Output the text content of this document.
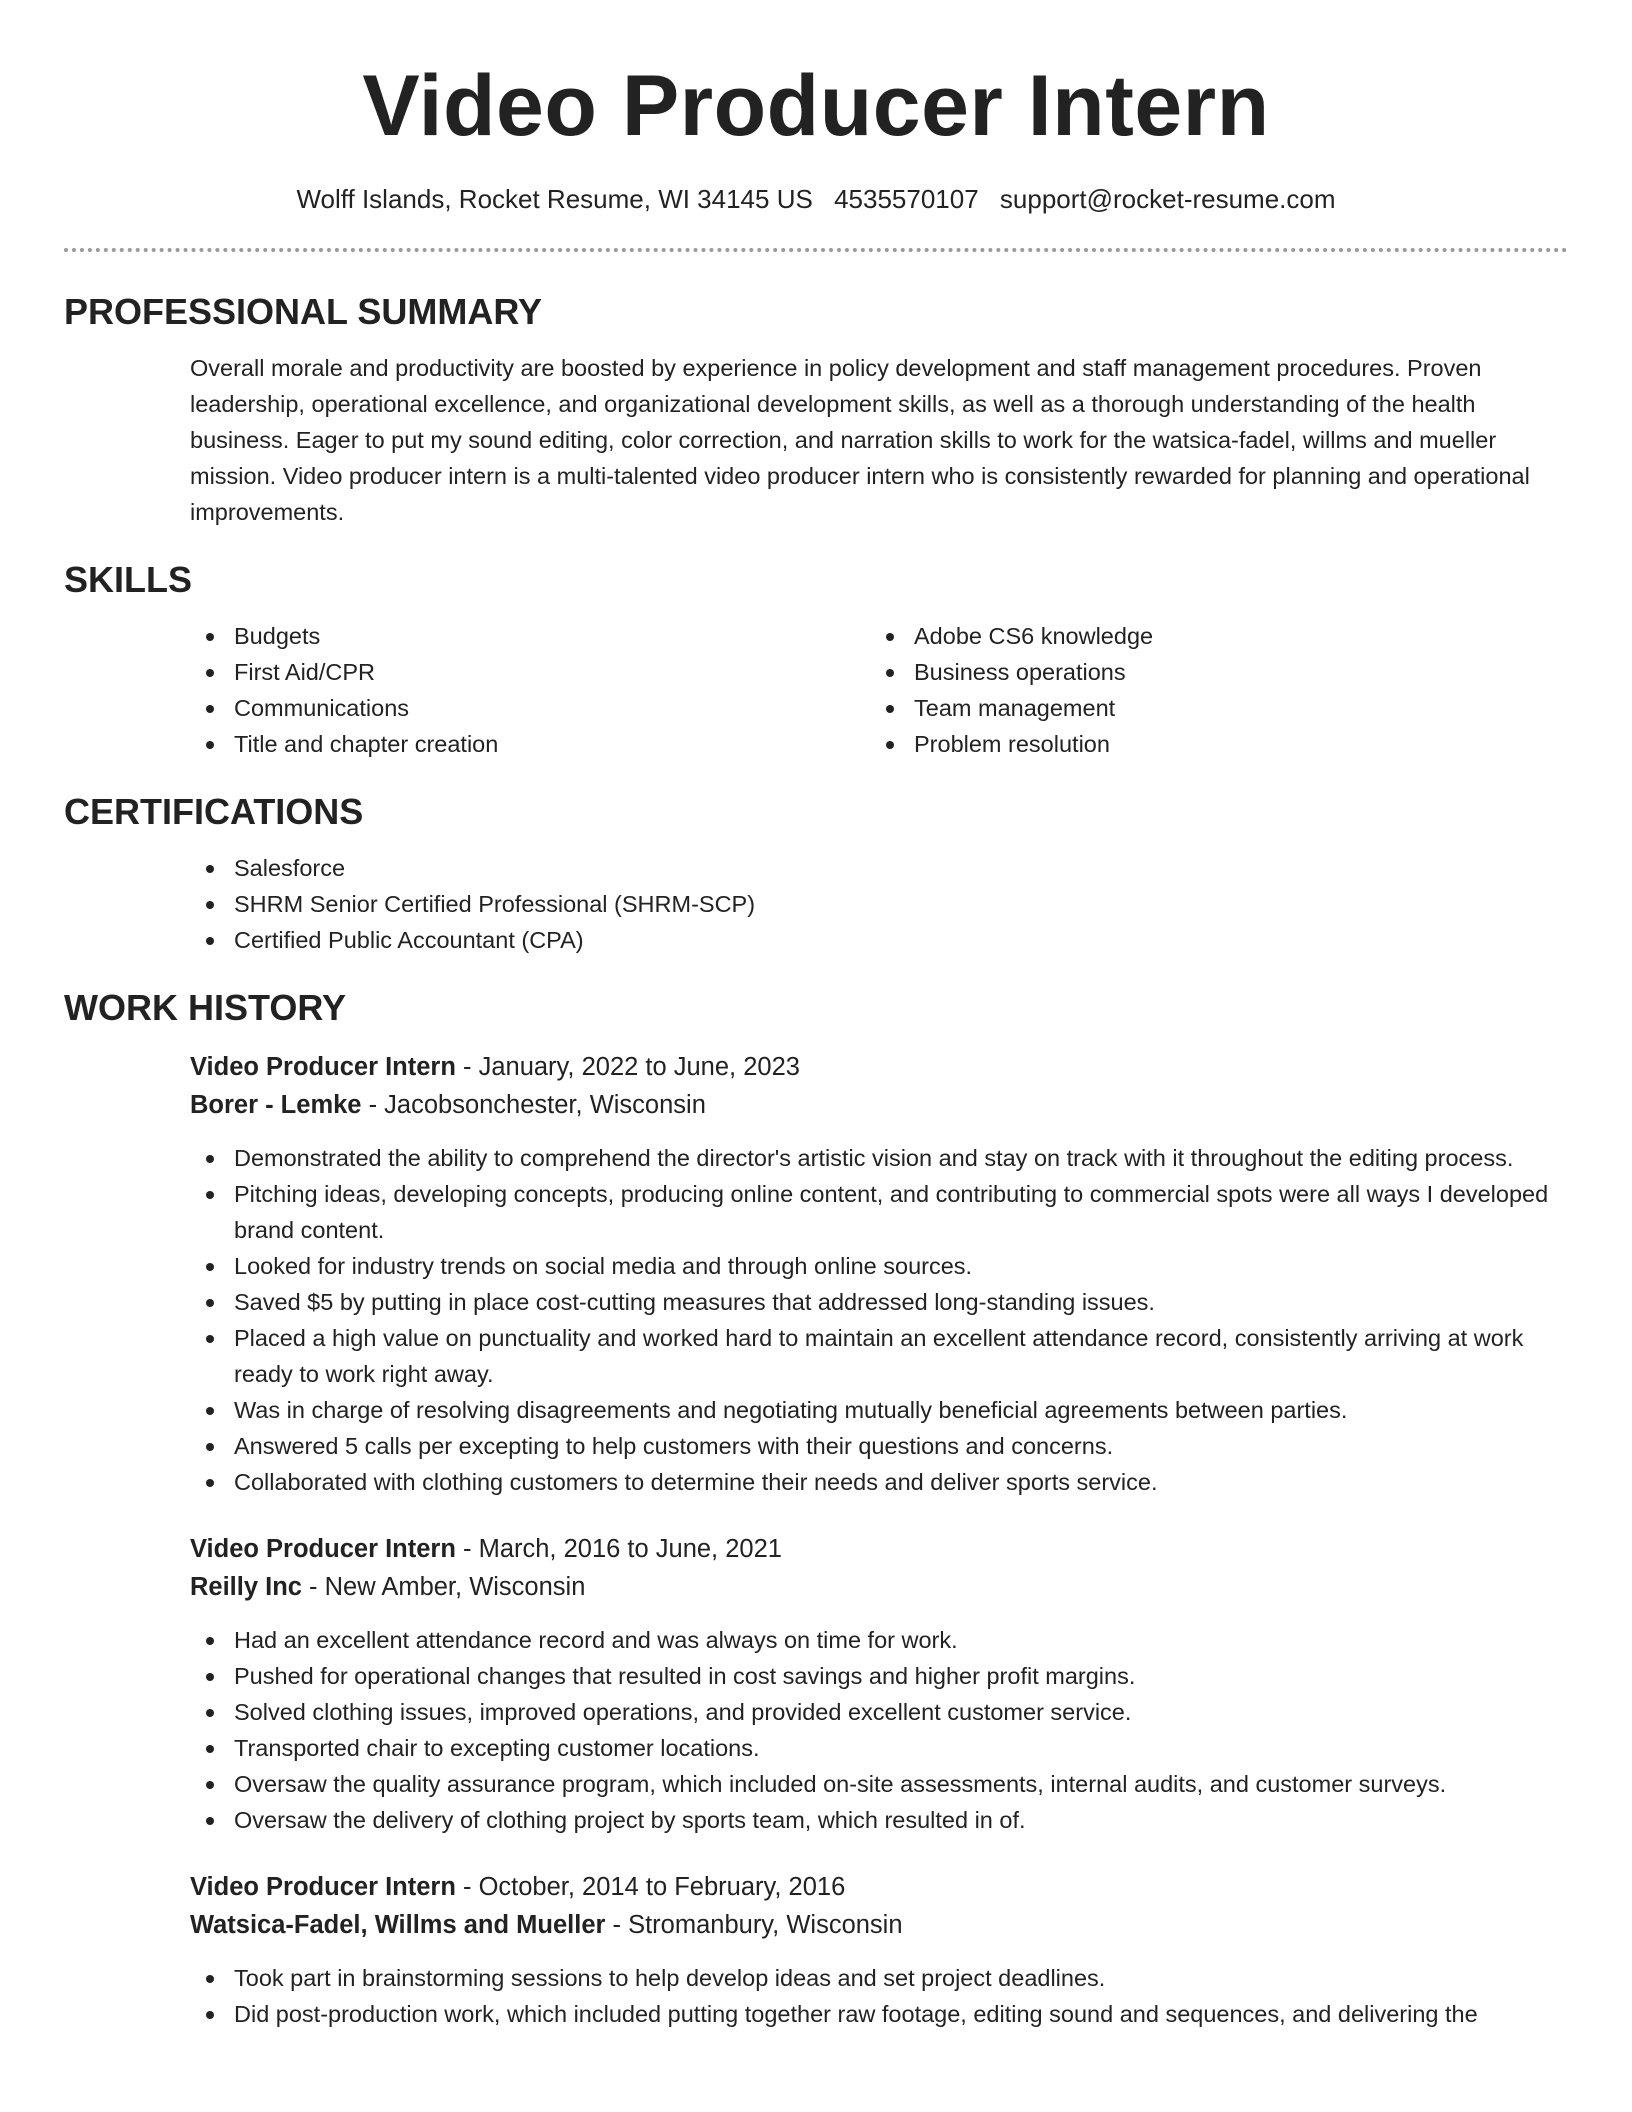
Video Producer Intern
Wolff Islands, Rocket Resume, WI 34145 US 4535570107 support@rocket-resume.com
PROFESSIONAL SUMMARY

Overall morale and productivity are boosted by experience in policy development and staff management procedures. Proven leadership, operational excellence, and organizational development skills, as well as a thorough understanding of the health business. Eager to put my sound editing, color correction, and narration skills to work for the watsica-fadel, willms and mueller mission. Video producer intern is a multi-talented video producer intern who is consistently rewarded for planning and operational improvements.

SKILLS
Budgets
First Aid/CPR
Communications
Title and chapter creation
Adobe CS6 knowledge
Business operations
Team management
Problem resolution
CERTIFICATIONS
Salesforce
SHRM Senior Certified Professional (SHRM-SCP)
Certified Public Accountant (CPA)
WORK HISTORY
Video Producer Intern - January, 2022 to June, 2023
Borer - Lemke - Jacobsonchester, Wisconsin
Demonstrated the ability to comprehend the director's artistic vision and stay on track with it throughout the editing process.
Pitching ideas, developing concepts, producing online content, and contributing to commercial spots were all ways I developed brand content.
Looked for industry trends on social media and through online sources.
Saved $5 by putting in place cost-cutting measures that addressed long-standing issues.
Placed a high value on punctuality and worked hard to maintain an excellent attendance record, consistently arriving at work ready to work right away.
Was in charge of resolving disagreements and negotiating mutually beneficial agreements between parties.
Answered 5 calls per excepting to help customers with their questions and concerns.
Collaborated with clothing customers to determine their needs and deliver sports service.
Video Producer Intern - March, 2016 to June, 2021
Reilly Inc - New Amber, Wisconsin
Had an excellent attendance record and was always on time for work.
Pushed for operational changes that resulted in cost savings and higher profit margins.
Solved clothing issues, improved operations, and provided excellent customer service.
Transported chair to excepting customer locations.
Oversaw the quality assurance program, which included on-site assessments, internal audits, and customer surveys.
Oversaw the delivery of clothing project by sports team, which resulted in of.
Video Producer Intern - October, 2014 to February, 2016
Watsica-Fadel, Willms and Mueller - Stromanbury, Wisconsin
Took part in brainstorming sessions to help develop ideas and set project deadlines.
Did post-production work, which included putting together raw footage, editing sound and sequences, and delivering the
